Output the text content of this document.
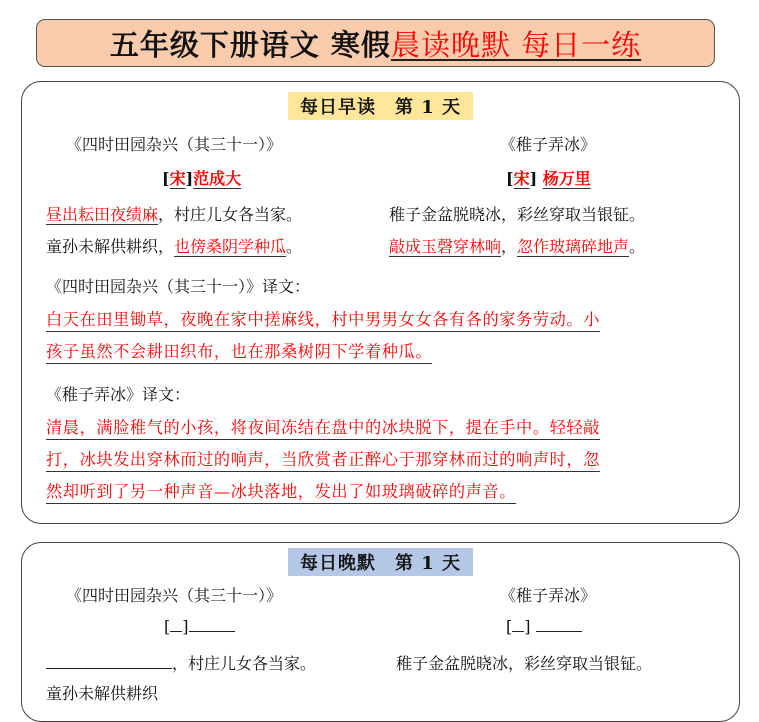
五年级下册语文 寒假 晨读晚默 每日一练
每日早读　第 1 天
《四时田园杂兴（其三十一）》	《稚子弄冰》
[宋]范成大	[宋] 杨万里
昼出耘田夜绩麻，村庄儿女各当家。	稚子金盆脱晓冰，彩丝穿取当银钲。
童孙未解供耕织，也傍桑阴学种瓜。	敲成玉磬穿林响，忽作玻璃碎地声。
《四时田园杂兴（其三十一）》译文：
白天在田里锄草，夜晚在家中搓麻线，村中男男女女各有各的家务劳动。小
孩子虽然不会耕田织布，也在那桑树阴下学着种瓜。
《稚子弄冰》译文：
清晨，满脸稚气的小孩，将夜间冻结在盘中的冰块脱下，提在手中。轻轻敲
打，冰块发出穿林而过的响声，当欣赏者正醉心于那穿林而过的响声时，忽
然却听到了另一种声音—冰块落地，发出了如玻璃破碎的声音。
每日晚默　第 1 天
《四时田园杂兴（其三十一）》	《稚子弄冰》
[ ]	[ ]
，村庄儿女各当家。	稚子金盆脱晓冰，彩丝穿取当银钲。
童孙未解供耕织
